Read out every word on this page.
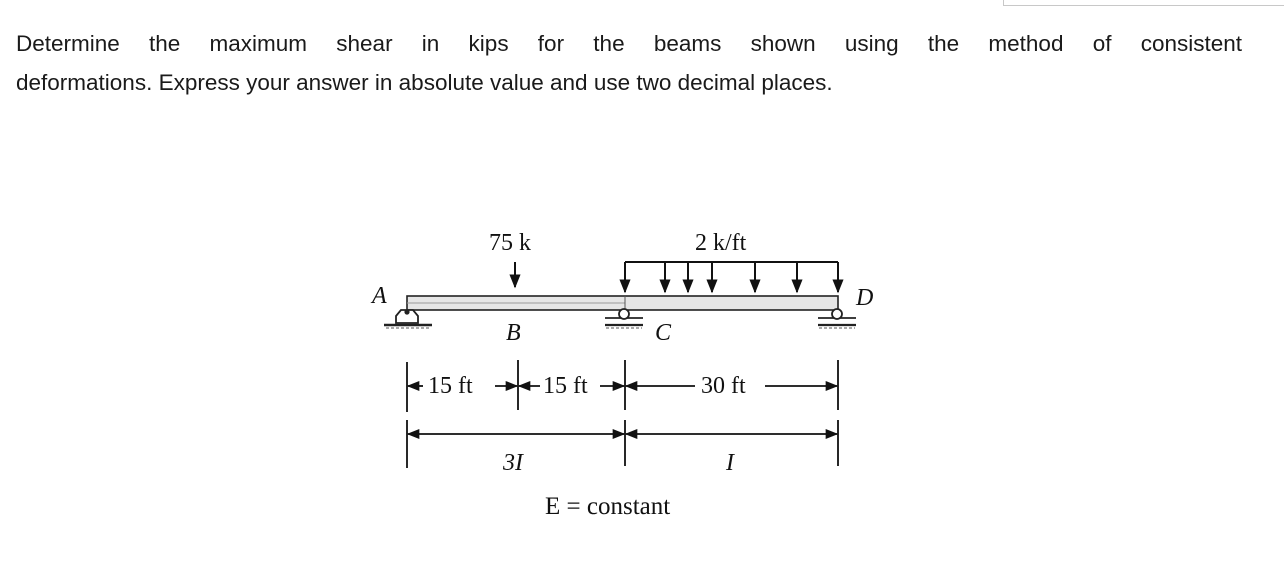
Determine the maximum shear in kips for the beams shown using the method of consistent
deformations. Express your answer in absolute value and use two decimal places.
75 k	2 k/ft
A
B	C
D
15 ft	15 ft	30 ft
3I	I
E = constant
